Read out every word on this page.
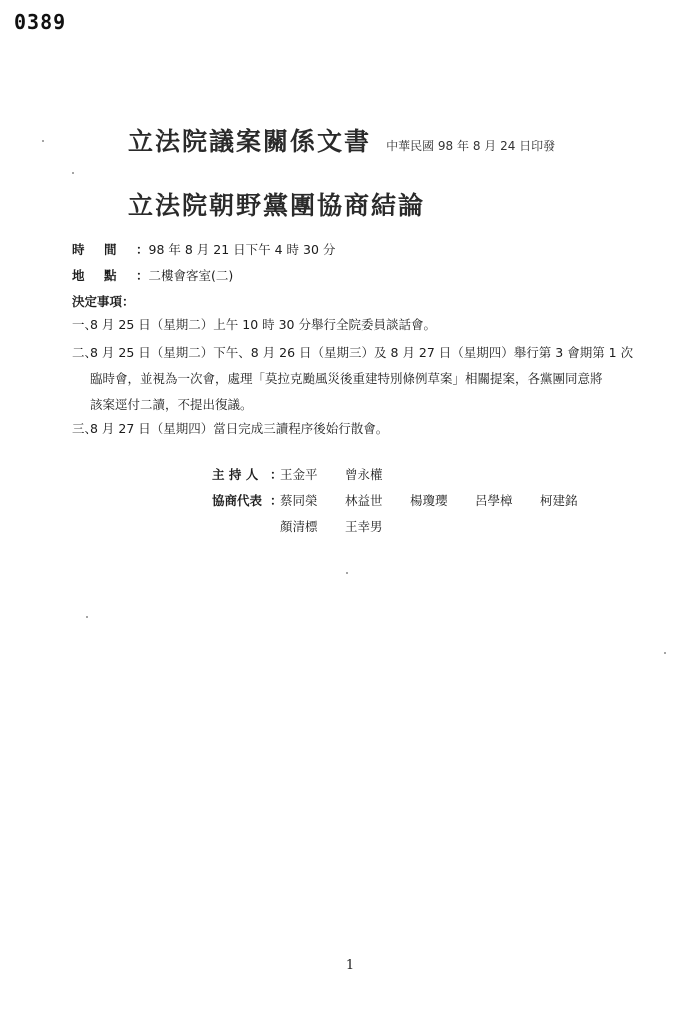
0389
立法院議案關係文書 中華民國 98 年 8 月 24 日印發
立法院朝野黨團協商結論
時 間 ：98 年 8 月 21 日下午 4 時 30 分
地 點 ：二樓會客室(二)
決定事項：
一、8 月 25 日（星期二）上午 10 時 30 分舉行全院委員談話會。
二、8 月 25 日（星期二）下午、8 月 26 日（星期三）及 8 月 27 日（星期四）舉行第 3 會期第 1 次
臨時會，並視為一次會，處理「莫拉克颱風災後重建特別條例草案」相關提案，各黨團同意將
該案逕付二讀，不提出復議。
三、8 月 27 日（星期四）當日完成三讀程序後始行散會。
主 持 人 ：王金平 曾永權
協商代表 ：蔡同榮 林益世 楊瓊瓔 呂學樟 柯建銘
顏清標 王幸男
1
